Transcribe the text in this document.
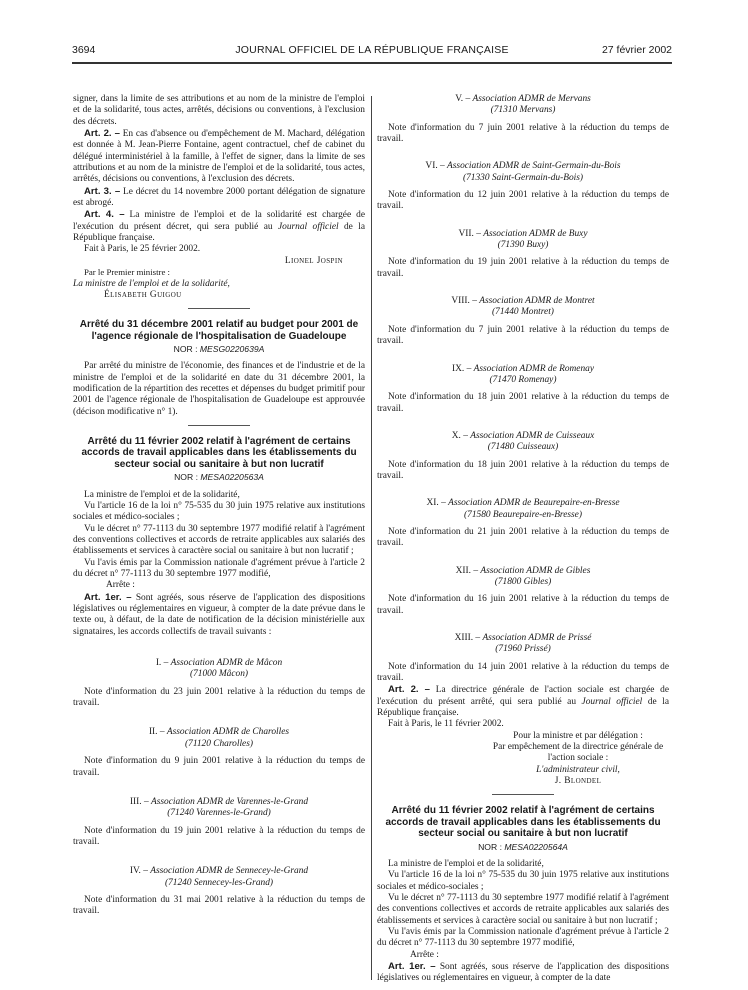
3694	JOURNAL OFFICIEL DE LA RÉPUBLIQUE FRANÇAISE	27 février 2002

signer, dans la limite de ses attributions et au nom de la ministre de l'emploi et de la solidarité, tous actes, arrêtés, décisions ou conventions, à l'exclusion des décrets.

Art. 2. – En cas d'absence ou d'empêchement de M. Machard, délégation est donnée à M. Jean-Pierre Fontaine, agent contractuel, chef de cabinet du délégué interministériel à la famille, à l'effet de signer, dans la limite de ses attributions et au nom de la ministre de l'emploi et de la solidarité, tous actes, arrêtés, décisions ou conventions, à l'exclusion des décrets.

Art. 3. – Le décret du 14 novembre 2000 portant délégation de signature est abrogé.

Art. 4. – La ministre de l'emploi et de la solidarité est chargée de l'exécution du présent décret, qui sera publié au Journal officiel de la République française.

Fait à Paris, le 25 février 2002.

Lionel Jospin

Par le Premier ministre :

La ministre de l'emploi et de la solidarité,

Élisabeth Guigou

Arrêté du 31 décembre 2001 relatif au budget pour 2001 de l'agence régionale de l'hospitalisation de Guadeloupe

NOR : MESG0220639A

Par arrêté du ministre de l'économie, des finances et de l'industrie et de la ministre de l'emploi et de la solidarité en date du 31 décembre 2001, la modification de la répartition des recettes et dépenses du budget primitif pour 2001 de l'agence régionale de l'hospitalisation de Guadeloupe est approuvée (décison modificative n° 1).

Arrêté du 11 février 2002 relatif à l'agrément de certains accords de travail applicables dans les établissements du secteur social ou sanitaire à but non lucratif

NOR : MESA0220563A

La ministre de l'emploi et de la solidarité,

Vu l'article 16 de la loi n° 75-535 du 30 juin 1975 relative aux institutions sociales et médico-sociales ;

Vu le décret n° 77-1113 du 30 septembre 1977 modifié relatif à l'agrément des conventions collectives et accords de retraite applicables aux salariés des établissements et services à caractère social ou sanitaire à but non lucratif ;

Vu l'avis émis par la Commission nationale d'agrément prévue à l'article 2 du décret n° 77-1113 du 30 septembre 1977 modifié,

Arrête :

Art. 1er. – Sont agréés, sous réserve de l'application des dispositions législatives ou réglementaires en vigueur, à compter de la date prévue dans le texte ou, à défaut, de la date de notification de la décision ministérielle aux signataires, les accords collectifs de travail suivants :

I. – Association ADMR de Mâcon

(71000 Mâcon)

Note d'information du 23 juin 2001 relative à la réduction du temps de travail.

II. – Association ADMR de Charolles

(71120 Charolles)

Note d'information du 9 juin 2001 relative à la réduction du temps de travail.

III. – Association ADMR de Varennes-le-Grand

(71240 Varennes-le-Grand)

Note d'information du 19 juin 2001 relative à la réduction du temps de travail.

IV. – Association ADMR de Sennecey-le-Grand

(71240 Sennecey-les-Grand)

Note d'information du 31 mai 2001 relative à la réduction du temps de travail.

V. – Association ADMR de Mervans

(71310 Mervans)

Note d'information du 7 juin 2001 relative à la réduction du temps de travail.

VI. – Association ADMR de Saint-Germain-du-Bois

(71330 Saint-Germain-du-Bois)

Note d'information du 12 juin 2001 relative à la réduction du temps de travail.

VII. – Association ADMR de Buxy

(71390 Buxy)

Note d'information du 19 juin 2001 relative à la réduction du temps de travail.

VIII. – Association ADMR de Montret

(71440 Montret)

Note d'information du 7 juin 2001 relative à la réduction du temps de travail.

IX. – Association ADMR de Romenay

(71470 Romenay)

Note d'information du 18 juin 2001 relative à la réduction du temps de travail.

X. – Association ADMR de Cuisseaux

(71480 Cuisseaux)

Note d'information du 18 juin 2001 relative à la réduction du temps de travail.

XI. – Association ADMR de Beaurepaire-en-Bresse

(71580 Beaurepaire-en-Bresse)

Note d'information du 21 juin 2001 relative à la réduction du temps de travail.

XII. – Association ADMR de Gibles

(71800 Gibles)

Note d'information du 16 juin 2001 relative à la réduction du temps de travail.

XIII. – Association ADMR de Prissé

(71960 Prissé)

Note d'information du 14 juin 2001 relative à la réduction du temps de travail.

Art. 2. – La directrice générale de l'action sociale est chargée de l'exécution du présent arrêté, qui sera publié au Journal officiel de la République française.

Fait à Paris, le 11 février 2002.

Pour la ministre et par délégation :

Par empêchement de la directrice générale de l'action sociale :

L'administrateur civil,

J. Blondel

Arrêté du 11 février 2002 relatif à l'agrément de certains accords de travail applicables dans les établissements du secteur social ou sanitaire à but non lucratif

NOR : MESA0220564A

La ministre de l'emploi et de la solidarité,

Vu l'article 16 de la loi n° 75-535 du 30 juin 1975 relative aux institutions sociales et médico-sociales ;

Vu le décret n° 77-1113 du 30 septembre 1977 modifié relatif à l'agrément des conventions collectives et accords de retraite applicables aux salariés des établissements et services à caractère social ou sanitaire à but non lucratif ;

Vu l'avis émis par la Commission nationale d'agrément prévue à l'article 2 du décret n° 77-1113 du 30 septembre 1977 modifié,

Arrête :

Art. 1er. – Sont agréés, sous réserve de l'application des dispositions législatives ou réglementaires en vigueur, à compter de la date
